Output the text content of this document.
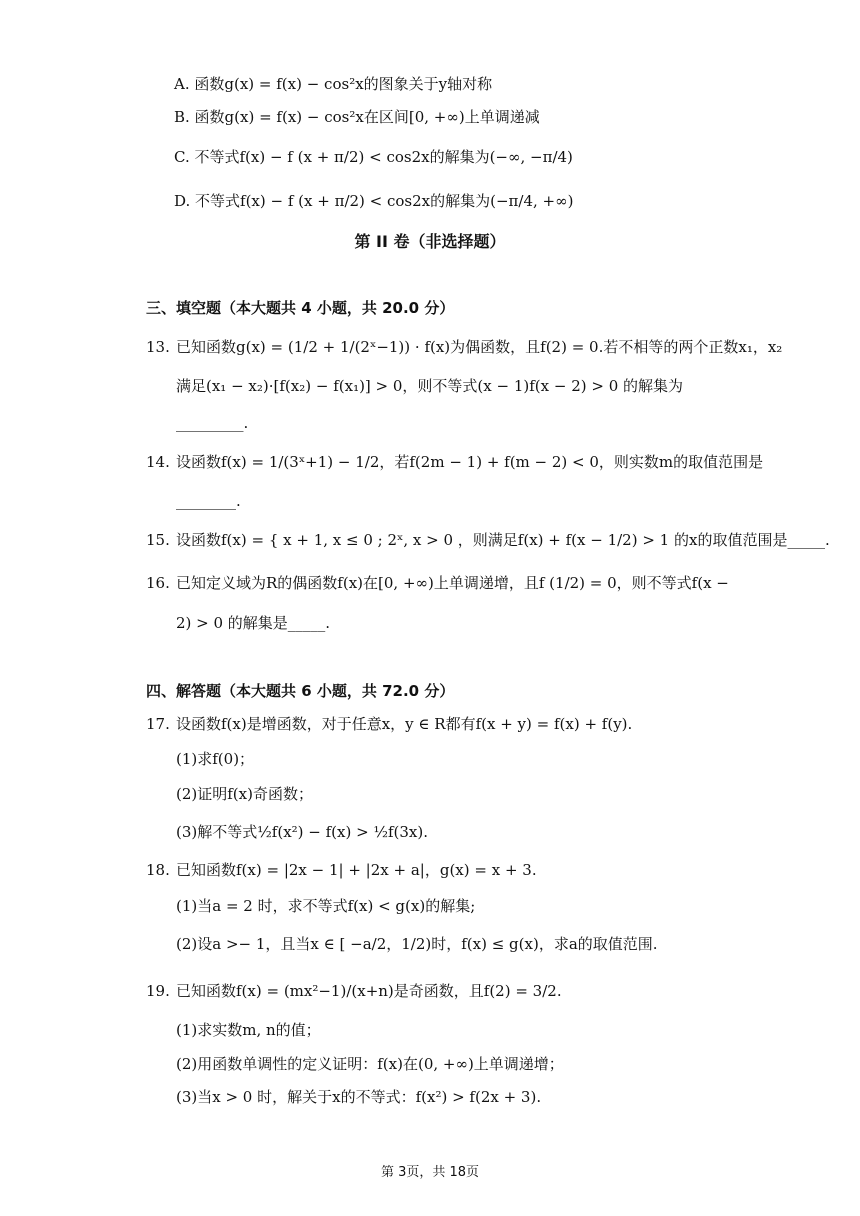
A. 函数g(x) = f(x) − cos²x的图象关于y轴对称
B. 函数g(x) = f(x) − cos²x在区间[0, +∞)上单调递减
C. 不等式f(x) − f (x + π/2) < cos2x的解集为(−∞, −π/4)
D. 不等式f(x) − f (x + π/2) < cos2x的解集为(−π/4, +∞)
第 II 卷（非选择题）
三、填空题（本大题共 4 小题，共 20.0 分）
13. 已知函数g(x) = (1/2 + 1/(2ˣ−1)) · f(x)为偶函数，且f(2) = 0.若不相等的两个正数x₁，x₂
满足(x₁ − x₂)·[f(x₂) − f(x₁)] > 0，则不等式(x − 1)f(x − 2) > 0 的解集为
_________.
14. 设函数f(x) = 1/(3ˣ+1) − 1/2，若f(2m − 1) + f(m − 2) < 0，则实数m的取值范围是
________.
15. 设函数f(x) = { x + 1, x ≤ 0 ; 2ˣ, x > 0 ，则满足f(x) + f(x − 1/2) > 1 的x的取值范围是_____.
16. 已知定义域为R的偶函数f(x)在[0, +∞)上单调递增，且f (1/2) = 0，则不等式f(x −
2) > 0 的解集是_____.
四、解答题（本大题共 6 小题，共 72.0 分）
17. 设函数f(x)是增函数，对于任意x，y ∈ R都有f(x + y) = f(x) + f(y).
(1)求f(0)；
(2)证明f(x)奇函数；
(3)解不等式½f(x²) − f(x) > ½f(3x).
18. 已知函数f(x) = |2x − 1| + |2x + a|，g(x) = x + 3.
(1)当a = 2 时，求不等式f(x) < g(x)的解集;
(2)设a >− 1，且当x ∈ [ −a/2，1/2)时，f(x) ≤ g(x)，求a的取值范围.
19. 已知函数f(x) = (mx²−1)/(x+n)是奇函数，且f(2) = 3/2.
(1)求实数m, n的值；
(2)用函数单调性的定义证明：f(x)在(0, +∞)上单调递增；
(3)当x > 0 时，解关于x的不等式：f(x²) > f(2x + 3).
第 3页，共 18页
